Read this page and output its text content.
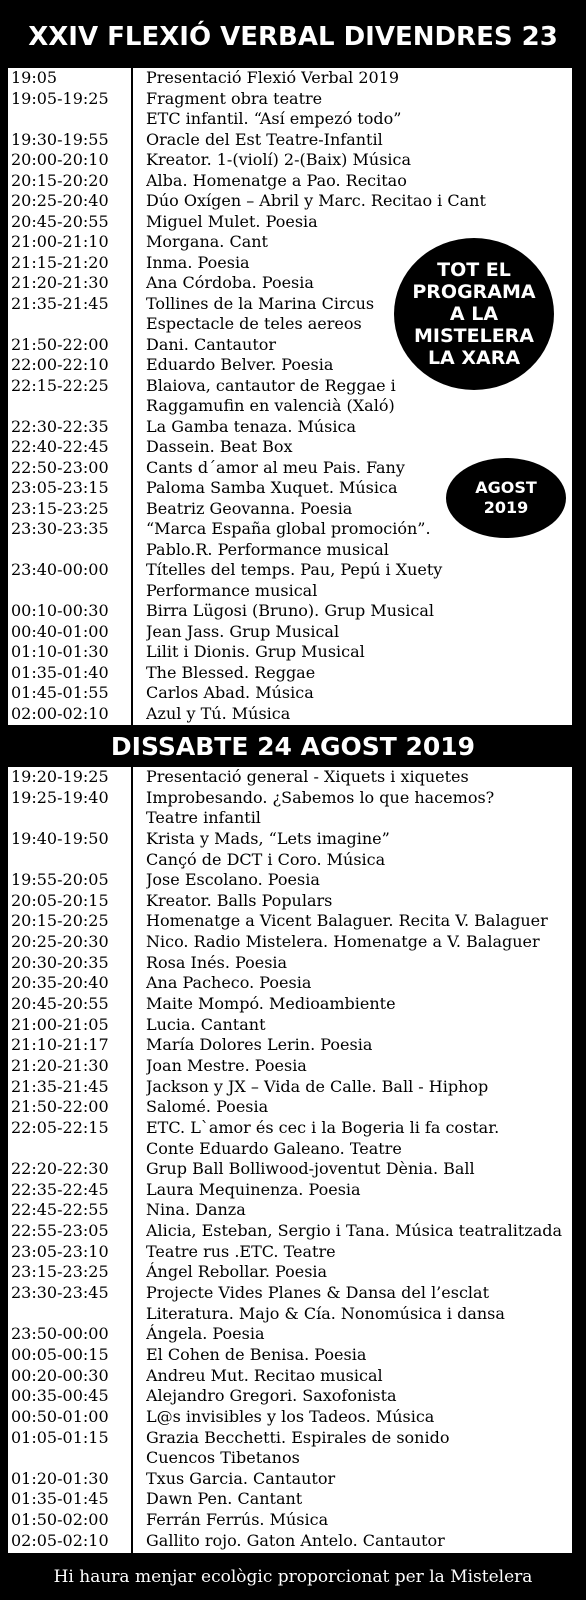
XXIV FLEXIÓ VERBAL DIVENDRES 23
19:05	Presentació Flexió Verbal 2019
19:05-19:25	Fragment obra teatre
ETC infantil. “Así empezó todo”
19:30-19:55	Oracle del Est Teatre-Infantil
20:00-20:10	Kreator. 1-(violí) 2-(Baix) Música
20:15-20:20	Alba. Homenatge a Pao. Recitao
20:25-20:40	Dúo Oxígen – Abril y Marc. Recitao i Cant
20:45-20:55	Miguel Mulet. Poesia
21:00-21:10	Morgana. Cant
21:15-21:20	Inma. Poesia
21:20-21:30	Ana Córdoba. Poesia
21:35-21:45	Tollines de la Marina Circus
Espectacle de teles aereos
21:50-22:00	Dani. Cantautor
22:00-22:10	Eduardo Belver. Poesia
22:15-22:25	Blaiova, cantautor de Reggae i
Raggamufin en valencià (Xaló)
22:30-22:35	La Gamba tenaza. Música
22:40-22:45	Dassein. Beat Box
22:50-23:00	Cants d´amor al meu Pais. Fany
23:05-23:15	Paloma Samba Xuquet. Música
23:15-23:25	Beatriz Geovanna. Poesia
23:30-23:35	“Marca España global promoción”.
Pablo.R. Performance musical
23:40-00:00	Títelles del temps. Pau, Pepú i Xuety
Performance musical
00:10-00:30	Birra Lügosi (Bruno). Grup Musical
00:40-01:00	Jean Jass. Grup Musical
01:10-01:30	Lilit i Dionis. Grup Musical
01:35-01:40	The Blessed. Reggae
01:45-01:55	Carlos Abad. Música
02:00-02:10	Azul y Tú. Música
TOT EL
PROGRAMA
A LA
MISTELERA
LA XARA
AGOST
2019
DISSABTE 24 AGOST 2019
19:20-19:25	Presentació general - Xiquets i xiquetes
19:25-19:40	Improbesando. ¿Sabemos lo que hacemos?
Teatre infantil
19:40-19:50	Krista y Mads, “Lets imagine”
Cançó de DCT i Coro. Música
19:55-20:05	Jose Escolano. Poesia
20:05-20:15	Kreator. Balls Populars
20:15-20:25	Homenatge a Vicent Balaguer. Recita V. Balaguer
20:25-20:30	Nico. Radio Mistelera. Homenatge a V. Balaguer
20:30-20:35	Rosa Inés. Poesia
20:35-20:40	Ana Pacheco. Poesia
20:45-20:55	Maite Mompó. Medioambiente
21:00-21:05	Lucia. Cantant
21:10-21:17	María Dolores Lerin. Poesia
21:20-21:30	Joan Mestre. Poesia
21:35-21:45	Jackson y JX – Vida de Calle. Ball - Hiphop
21:50-22:00	Salomé. Poesia
22:05-22:15	ETC. L`amor és cec i la Bogeria li fa costar.
Conte Eduardo Galeano. Teatre
22:20-22:30	Grup Ball Bolliwood-joventut Dènia. Ball
22:35-22:45	Laura Mequinenza. Poesia
22:45-22:55	Nina. Danza
22:55-23:05	Alicia, Esteban, Sergio i Tana. Música teatralitzada
23:05-23:10	Teatre rus .ETC. Teatre
23:15-23:25	Ángel Rebollar. Poesia
23:30-23:45	Projecte Vides Planes & Dansa del l’esclat
Literatura. Majo & Cía. Nonomúsica i dansa
23:50-00:00	Ángela. Poesia
00:05-00:15	El Cohen de Benisa. Poesia
00:20-00:30	Andreu Mut. Recitao musical
00:35-00:45	Alejandro Gregori. Saxofonista
00:50-01:00	L@s invisibles y los Tadeos. Música
01:05-01:15	Grazia Becchetti. Espirales de sonido
Cuencos Tibetanos
01:20-01:30	Txus Garcia. Cantautor
01:35-01:45	Dawn Pen. Cantant
01:50-02:00	Ferrán Ferrús. Música
02:05-02:10	Gallito rojo. Gaton Antelo. Cantautor
Hi haura menjar ecològic proporcionat per la Mistelera
